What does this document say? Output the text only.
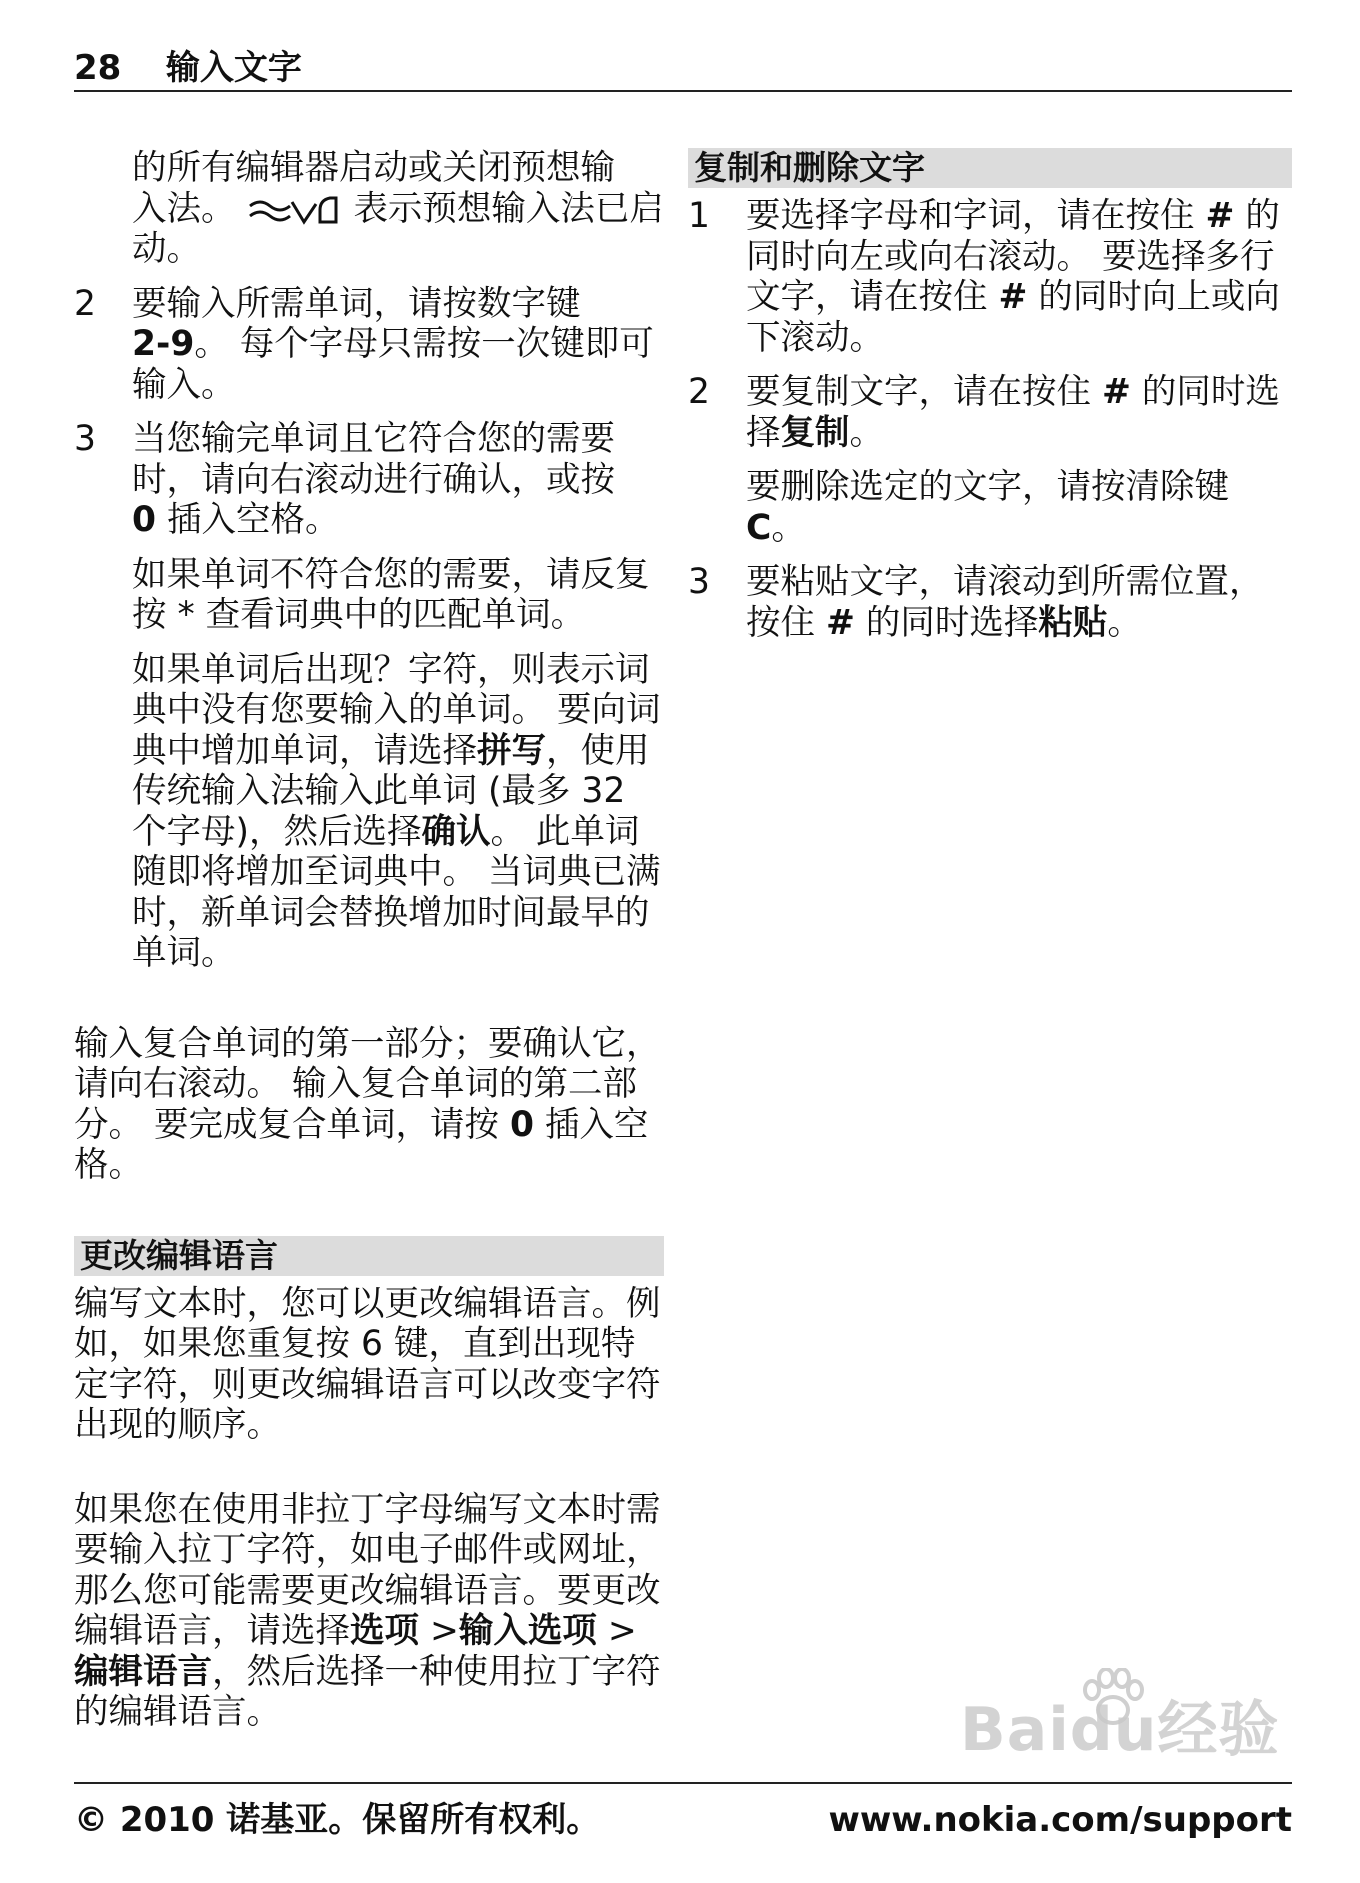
28 输入文字
的所有编辑器启动或关闭预想输
入法。	表示预想输入法已启
动。
2	要输入所需单词，请按数字键
2-9。 每个字母只需按一次键即可输入。
3	当您输完单词且它符合您的需要时，请向右滚动进行确认，或按
0 插入空格。

如果单词不符合您的需要，请反复按 * 查看词典中的匹配单词。

如果单词后出现？字符，则表示词典中没有您要输入的单词。 要向词典中增加单词，请选择拼写，使用传统输入法输入此单词 (最多 32 个字母)，然后选择确认。 此单词随即将增加至词典中。 当词典已满时，新单词会替换增加时间最早的单词。

输入复合单词的第一部分；要确认它，请向右滚动。 输入复合单词的第二部分。 要完成复合单词，请按 0 插入空格。

更改编辑语言

编写文本时，您可以更改编辑语言。例如，如果您重复按 6 键，直到出现特定字符，则更改编辑语言可以改变字符出现的顺序。

如果您在使用非拉丁字母编写文本时需要输入拉丁字符，如电子邮件或网址，那么您可能需要更改编辑语言。要更改编辑语言，请选择选项 >输入选项 >编辑语言，然后选择一种使用拉丁字符的编辑语言。

复制和删除文字
1	要选择字母和字词，请在按住 # 的同时向左或向右滚动。 要选择多行文字，请在按住 # 的同时向上或向下滚动。
2	要复制文字，请在按住 # 的同时选择复制。

要删除选定的文字，请按清除键
C。

3	要粘贴文字，请滚动到所需位置，按住 # 的同时选择粘贴。
Baidu经验
© 2010 诺基亚。保留所有权利。	www.nokia.com/support
